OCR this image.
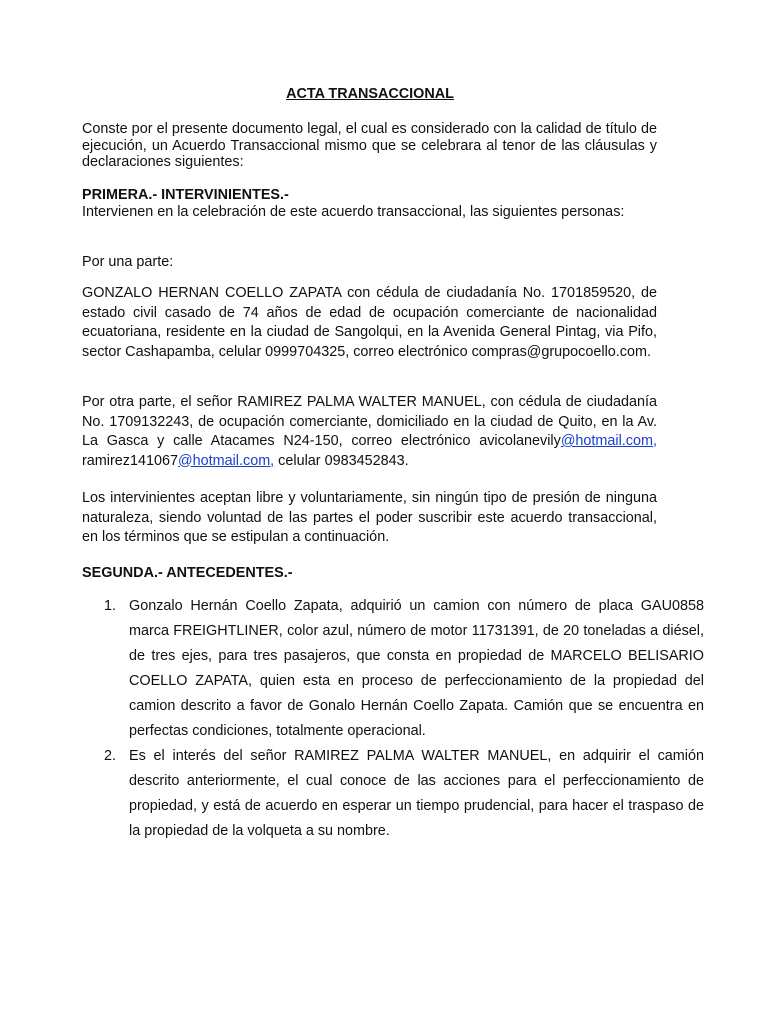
ACTA TRANSACCIONAL

Conste por el presente documento legal, el cual es considerado con la calidad de título de ejecución, un Acuerdo Transaccional mismo que se celebrara al tenor de las cláusulas y declaraciones siguientes:

PRIMERA.- INTERVINIENTES.-

Intervienen en la celebración de este acuerdo transaccional, las siguientes personas:

Por una parte:

GONZALO HERNAN COELLO ZAPATA con cédula de ciudadanía No. 1701859520, de estado civil casado de 74 años de edad de ocupación comerciante de nacionalidad ecuatoriana, residente en la ciudad de Sangolqui, en la Avenida General Pintag, via Pifo, sector Cashapamba, celular 0999704325, correo electrónico compras@grupocoello.com.

Por otra parte, el señor RAMIREZ PALMA WALTER MANUEL, con cédula de ciudadanía No. 1709132243, de ocupación comerciante, domiciliado en la ciudad de Quito, en la Av. La Gasca y calle Atacames N24-150, correo electrónico avicolanevily@hotmail.com, ramirez141067@hotmail.com, celular 0983452843.

Los intervinientes aceptan libre y voluntariamente, sin ningún tipo de presión de ninguna naturaleza, siendo voluntad de las partes el poder suscribir este acuerdo transaccional, en los términos que se estipulan a continuación.

SEGUNDA.- ANTECEDENTES.-

1. Gonzalo Hernán Coello Zapata, adquirió un camion con número de placa GAU0858 marca FREIGHTLINER, color azul, número de motor 11731391, de 20 toneladas a diésel, de tres ejes, para tres pasajeros, que consta en propiedad de MARCELO BELISARIO COELLO ZAPATA, quien esta en proceso de perfeccionamiento de la propiedad del camion descrito a favor de Gonalo Hernán Coello Zapata. Camión que se encuentra en perfectas condiciones, totalmente operacional.
2. Es el interés del señor RAMIREZ PALMA WALTER MANUEL, en adquirir el camión descrito anteriormente, el cual conoce de las acciones para el perfeccionamiento de propiedad, y está de acuerdo en esperar un tiempo prudencial, para hacer el traspaso de la propiedad de la volqueta a su nombre.
